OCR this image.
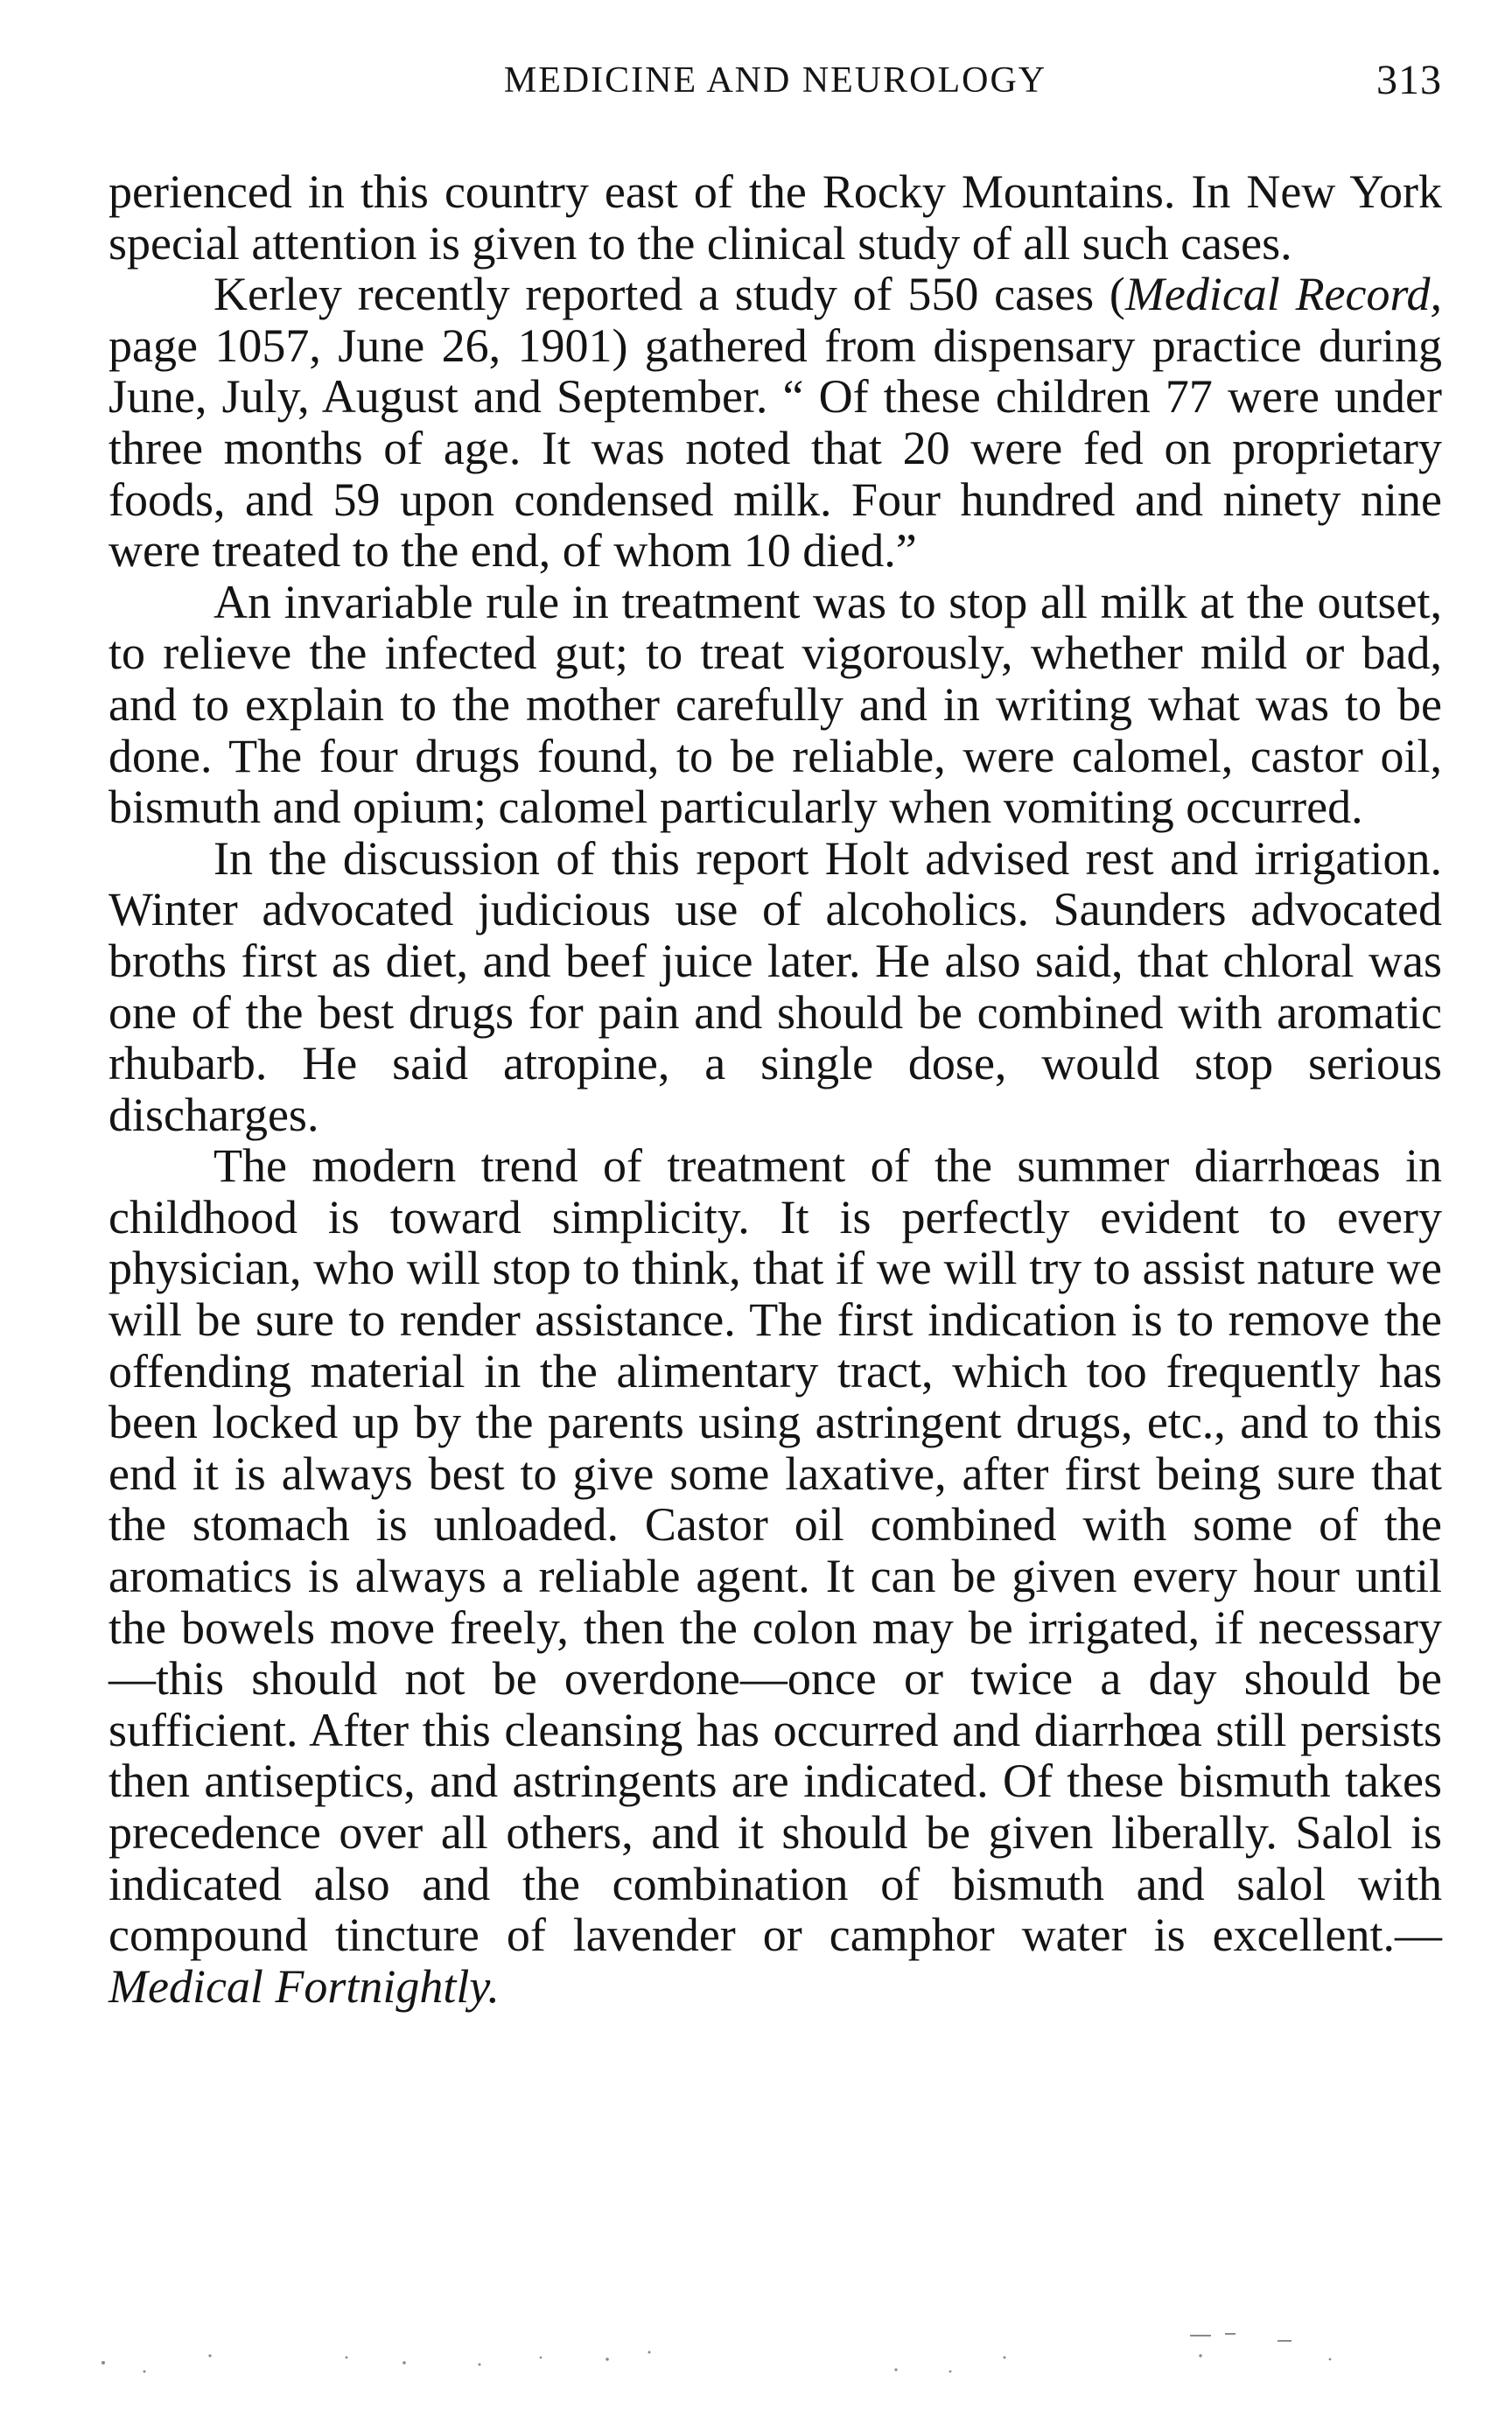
MEDICINE AND NEUROLOGY	313

perienced in this country east of the Rocky Mountains. In New York special attention is given to the clinical study of all such cases.

Kerley recently reported a study of 550 cases (Medical Record, page 1057, June 26, 1901) gathered from dispensary practice during June, July, August and September. “ Of these children 77 were under three months of age. It was noted that 20 were fed on proprietary foods, and 59 upon condensed milk. Four hundred and ninety nine were treated to the end, of whom 10 died.”

An invariable rule in treatment was to stop all milk at the outset, to relieve the infected gut; to treat vigorously, whether mild or bad, and to explain to the mother carefully and in writing what was to be done. The four drugs found, to be reliable, were calomel, castor oil, bismuth and opium; calomel particularly when vomiting occurred.

In the discussion of this report Holt advised rest and irrigation. Winter advocated judicious use of alcoholics. Saunders advocated broths first as diet, and beef juice later. He also said, that chloral was one of the best drugs for pain and should be combined with aromatic rhubarb. He said atropine, a single dose, would stop serious discharges.

The modern trend of treatment of the summer diarrhœas in childhood is toward simplicity. It is perfectly evident to every physician, who will stop to think, that if we will try to assist nature we will be sure to render assistance. The first indication is to remove the offending material in the alimentary tract, which too frequently has been locked up by the parents using astringent drugs, etc., and to this end it is always best to give some laxative, after first being sure that the stomach is unloaded. Castor oil combined with some of the aromatics is always a reliable agent. It can be given every hour until the bowels move freely, then the colon may be irrigated, if necessary—this should not be overdone—once or twice a day should be sufficient. After this cleansing has occurred and diarrhœa still persists then antiseptics, and astringents are indicated. Of these bismuth takes precedence over all others, and it should be given liberally. Salol is indicated also and the combination of bismuth and salol with compound tincture of lavender or camphor water is excellent.—Medical Fortnightly.
